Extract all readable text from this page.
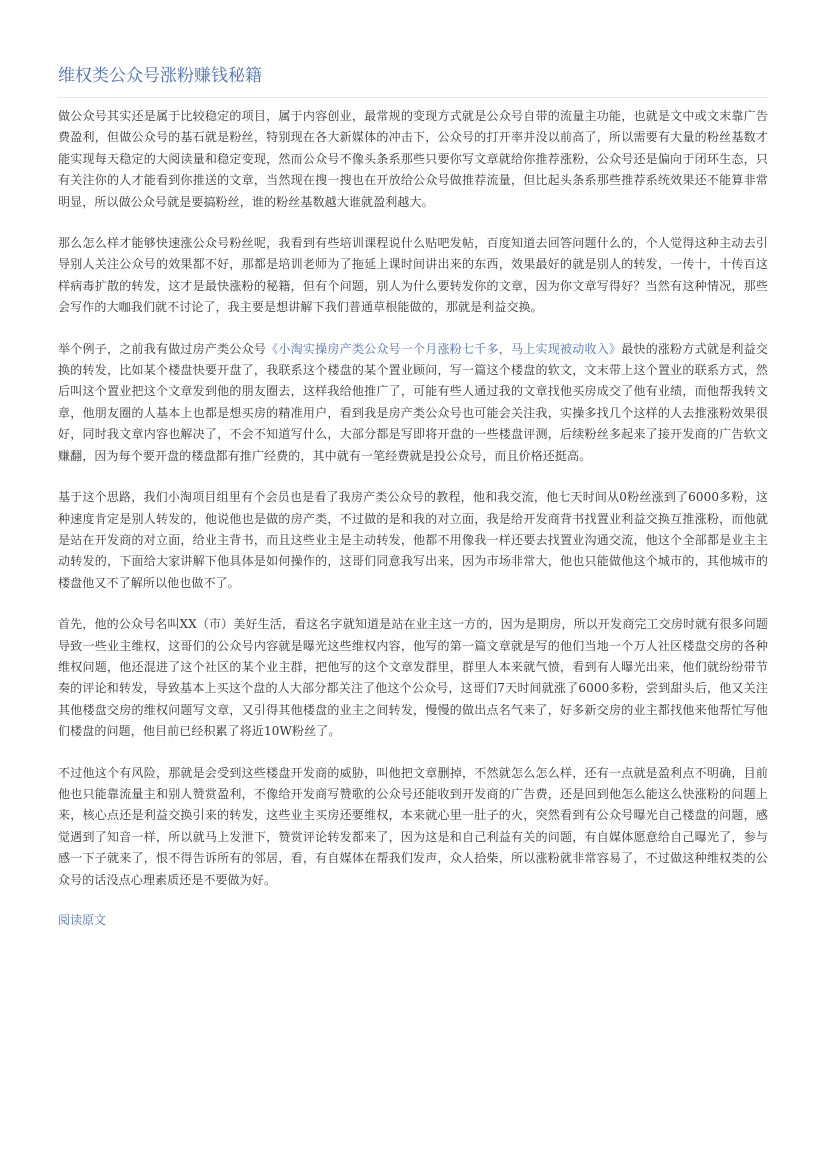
维权类公众号涨粉赚钱秘籍

做公众号其实还是属于比较稳定的项目，属于内容创业，最常规的变现方式就是公众号自带的流量主功能，也就是文中或文末靠广告费盈利，但做公众号的基石就是粉丝，特别现在各大新媒体的冲击下，公众号的打开率并没以前高了，所以需要有大量的粉丝基数才能实现每天稳定的大阅读量和稳定变现，然而公众号不像头条系那些只要你写文章就给你推荐涨粉，公众号还是偏向于闭环生态，只有关注你的人才能看到你推送的文章，当然现在搜一搜也在开放给公众号做推荐流量，但比起头条系那些推荐系统效果还不能算非常明显，所以做公众号就是要搞粉丝，谁的粉丝基数越大谁就盈利越大。

那么怎么样才能够快速涨公众号粉丝呢，我看到有些培训课程说什么贴吧发帖，百度知道去回答问题什么的，个人觉得这种主动去引导别人关注公众号的效果都不好，那都是培训老师为了拖延上课时间讲出来的东西，效果最好的就是别人的转发，一传十，十传百这样病毒扩散的转发，这才是最快涨粉的秘籍，但有个问题，别人为什么要转发你的文章，因为你文章写得好？当然有这种情况，那些会写作的大咖我们就不讨论了，我主要是想讲解下我们普通草根能做的，那就是利益交换。

举个例子，之前我有做过房产类公众号《小淘实操房产类公众号一个月涨粉七千多，马上实现被动收入》最快的涨粉方式就是利益交换的转发，比如某个楼盘快要开盘了，我联系这个楼盘的某个置业顾问，写一篇这个楼盘的软文，文末带上这个置业的联系方式，然后叫这个置业把这个文章发到他的朋友圈去，这样我给他推广了，可能有些人通过我的文章找他买房成交了他有业绩，而他帮我转文章，他朋友圈的人基本上也都是想买房的精准用户，看到我是房产类公众号也可能会关注我，实操多找几个这样的人去推涨粉效果很好，同时我文章内容也解决了，不会不知道写什么，大部分都是写即将开盘的一些楼盘评测，后续粉丝多起来了接开发商的广告软文赚翻，因为每个要开盘的楼盘都有推广经费的，其中就有一笔经费就是投公众号，而且价格还挺高。

基于这个思路，我们小淘项目组里有个会员也是看了我房产类公众号的教程，他和我交流，他七天时间从0粉丝涨到了6000多粉，这种速度肯定是别人转发的，他说他也是做的房产类，不过做的是和我的对立面，我是给开发商背书找置业利益交换互推涨粉，而他就是站在开发商的对立面，给业主背书，而且这些业主是主动转发，他都不用像我一样还要去找置业沟通交流，他这个全部都是业主主动转发的，下面给大家讲解下他具体是如何操作的，这哥们同意我写出来，因为市场非常大，他也只能做他这个城市的，其他城市的楼盘他又不了解所以他也做不了。

首先，他的公众号名叫XX（市）美好生活，看这名字就知道是站在业主这一方的，因为是期房，所以开发商完工交房时就有很多问题导致一些业主维权，这哥们的公众号内容就是曝光这些维权内容，他写的第一篇文章就是写的他们当地一个万人社区楼盘交房的各种维权问题，他还混进了这个社区的某个业主群，把他写的这个文章发群里，群里人本来就气愤，看到有人曝光出来，他们就纷纷带节奏的评论和转发，导致基本上买这个盘的人大部分都关注了他这个公众号，这哥们7天时间就涨了6000多粉，尝到甜头后，他又关注其他楼盘交房的维权问题写文章，又引得其他楼盘的业主之间转发，慢慢的做出点名气来了，好多新交房的业主都找他来他帮忙写他们楼盘的问题，他目前已经积累了将近10W粉丝了。

不过他这个有风险，那就是会受到这些楼盘开发商的威胁，叫他把文章删掉，不然就怎么怎么样，还有一点就是盈利点不明确，目前他也只能靠流量主和别人赞赏盈利，不像给开发商写赞歌的公众号还能收到开发商的广告费，还是回到他怎么能这么快涨粉的问题上来，核心点还是利益交换引来的转发，这些业主买房还要维权，本来就心里一肚子的火，突然看到有公众号曝光自己楼盘的问题，感觉遇到了知音一样，所以就马上发泄下，赞赏评论转发都来了，因为这是和自己利益有关的问题，有自媒体愿意给自己曝光了，参与感一下子就来了，恨不得告诉所有的邻居，看，有自媒体在帮我们发声，众人拾柴，所以涨粉就非常容易了，不过做这种维权类的公众号的话没点心理素质还是不要做为好。

阅读原文
